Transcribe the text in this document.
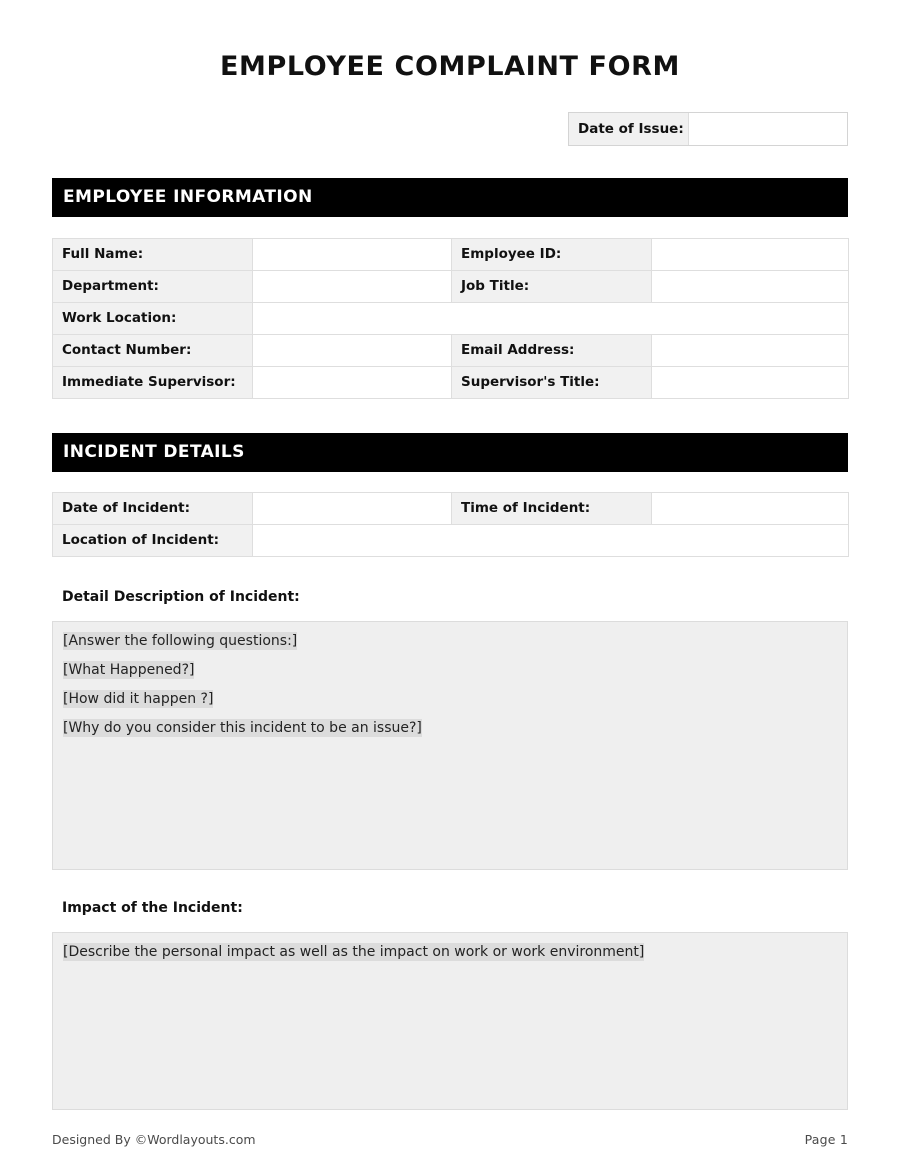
EMPLOYEE COMPLAINT FORM
Date of Issue:
EMPLOYEE INFORMATION
Full Name:		Employee ID:	
Department:		Job Title:	
Work Location:			
Contact Number:		Email Address:	
Immediate Supervisor:		Supervisor's Title:	
INCIDENT DETAILS
Date of Incident:		Time of Incident:	
Location of Incident:			
Detail Description of Incident:
[Answer the following questions:]
[What Happened?]
[How did it happen ?]
[Why do you consider this incident to be an issue?]
Impact of the Incident:
[Describe the personal impact as well as the impact on work or work environment]
Designed By ©Wordlayouts.com	Page 1
